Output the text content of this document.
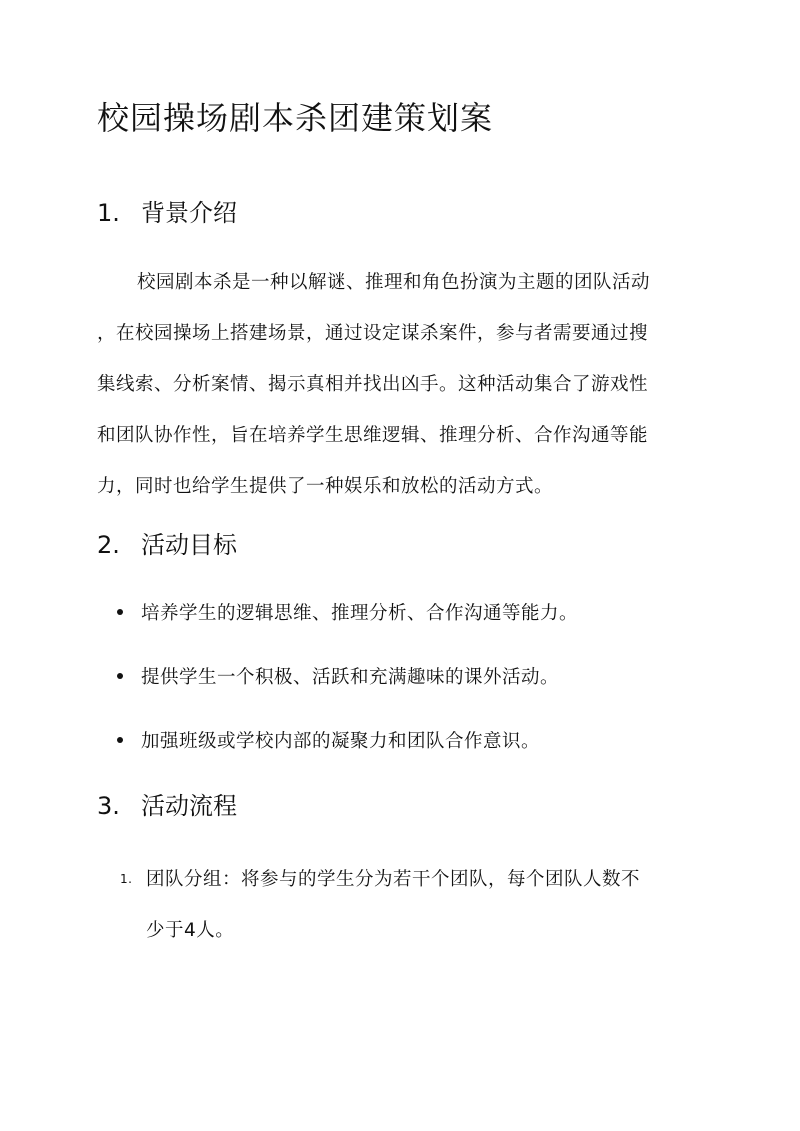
校园操场剧本杀团建策划案
1. 背景介绍

校园剧本杀是一种以解谜、推理和角色扮演为主题的团队活动
，在校园操场上搭建场景，通过设定谋杀案件，参与者需要通过搜
集线索、分析案情、揭示真相并找出凶手。这种活动集合了游戏性
和团队协作性，旨在培养学生思维逻辑、推理分析、合作沟通等能
力，同时也给学生提供了一种娱乐和放松的活动方式。

2. 活动目标
培养学生的逻辑思维、推理分析、合作沟通等能力。
提供学生一个积极、活跃和充满趣味的课外活动。
加强班级或学校内部的凝聚力和团队合作意识。
3. 活动流程
1. 团队分组：将参与的学生分为若干个团队，每个团队人数不
少于4人。
